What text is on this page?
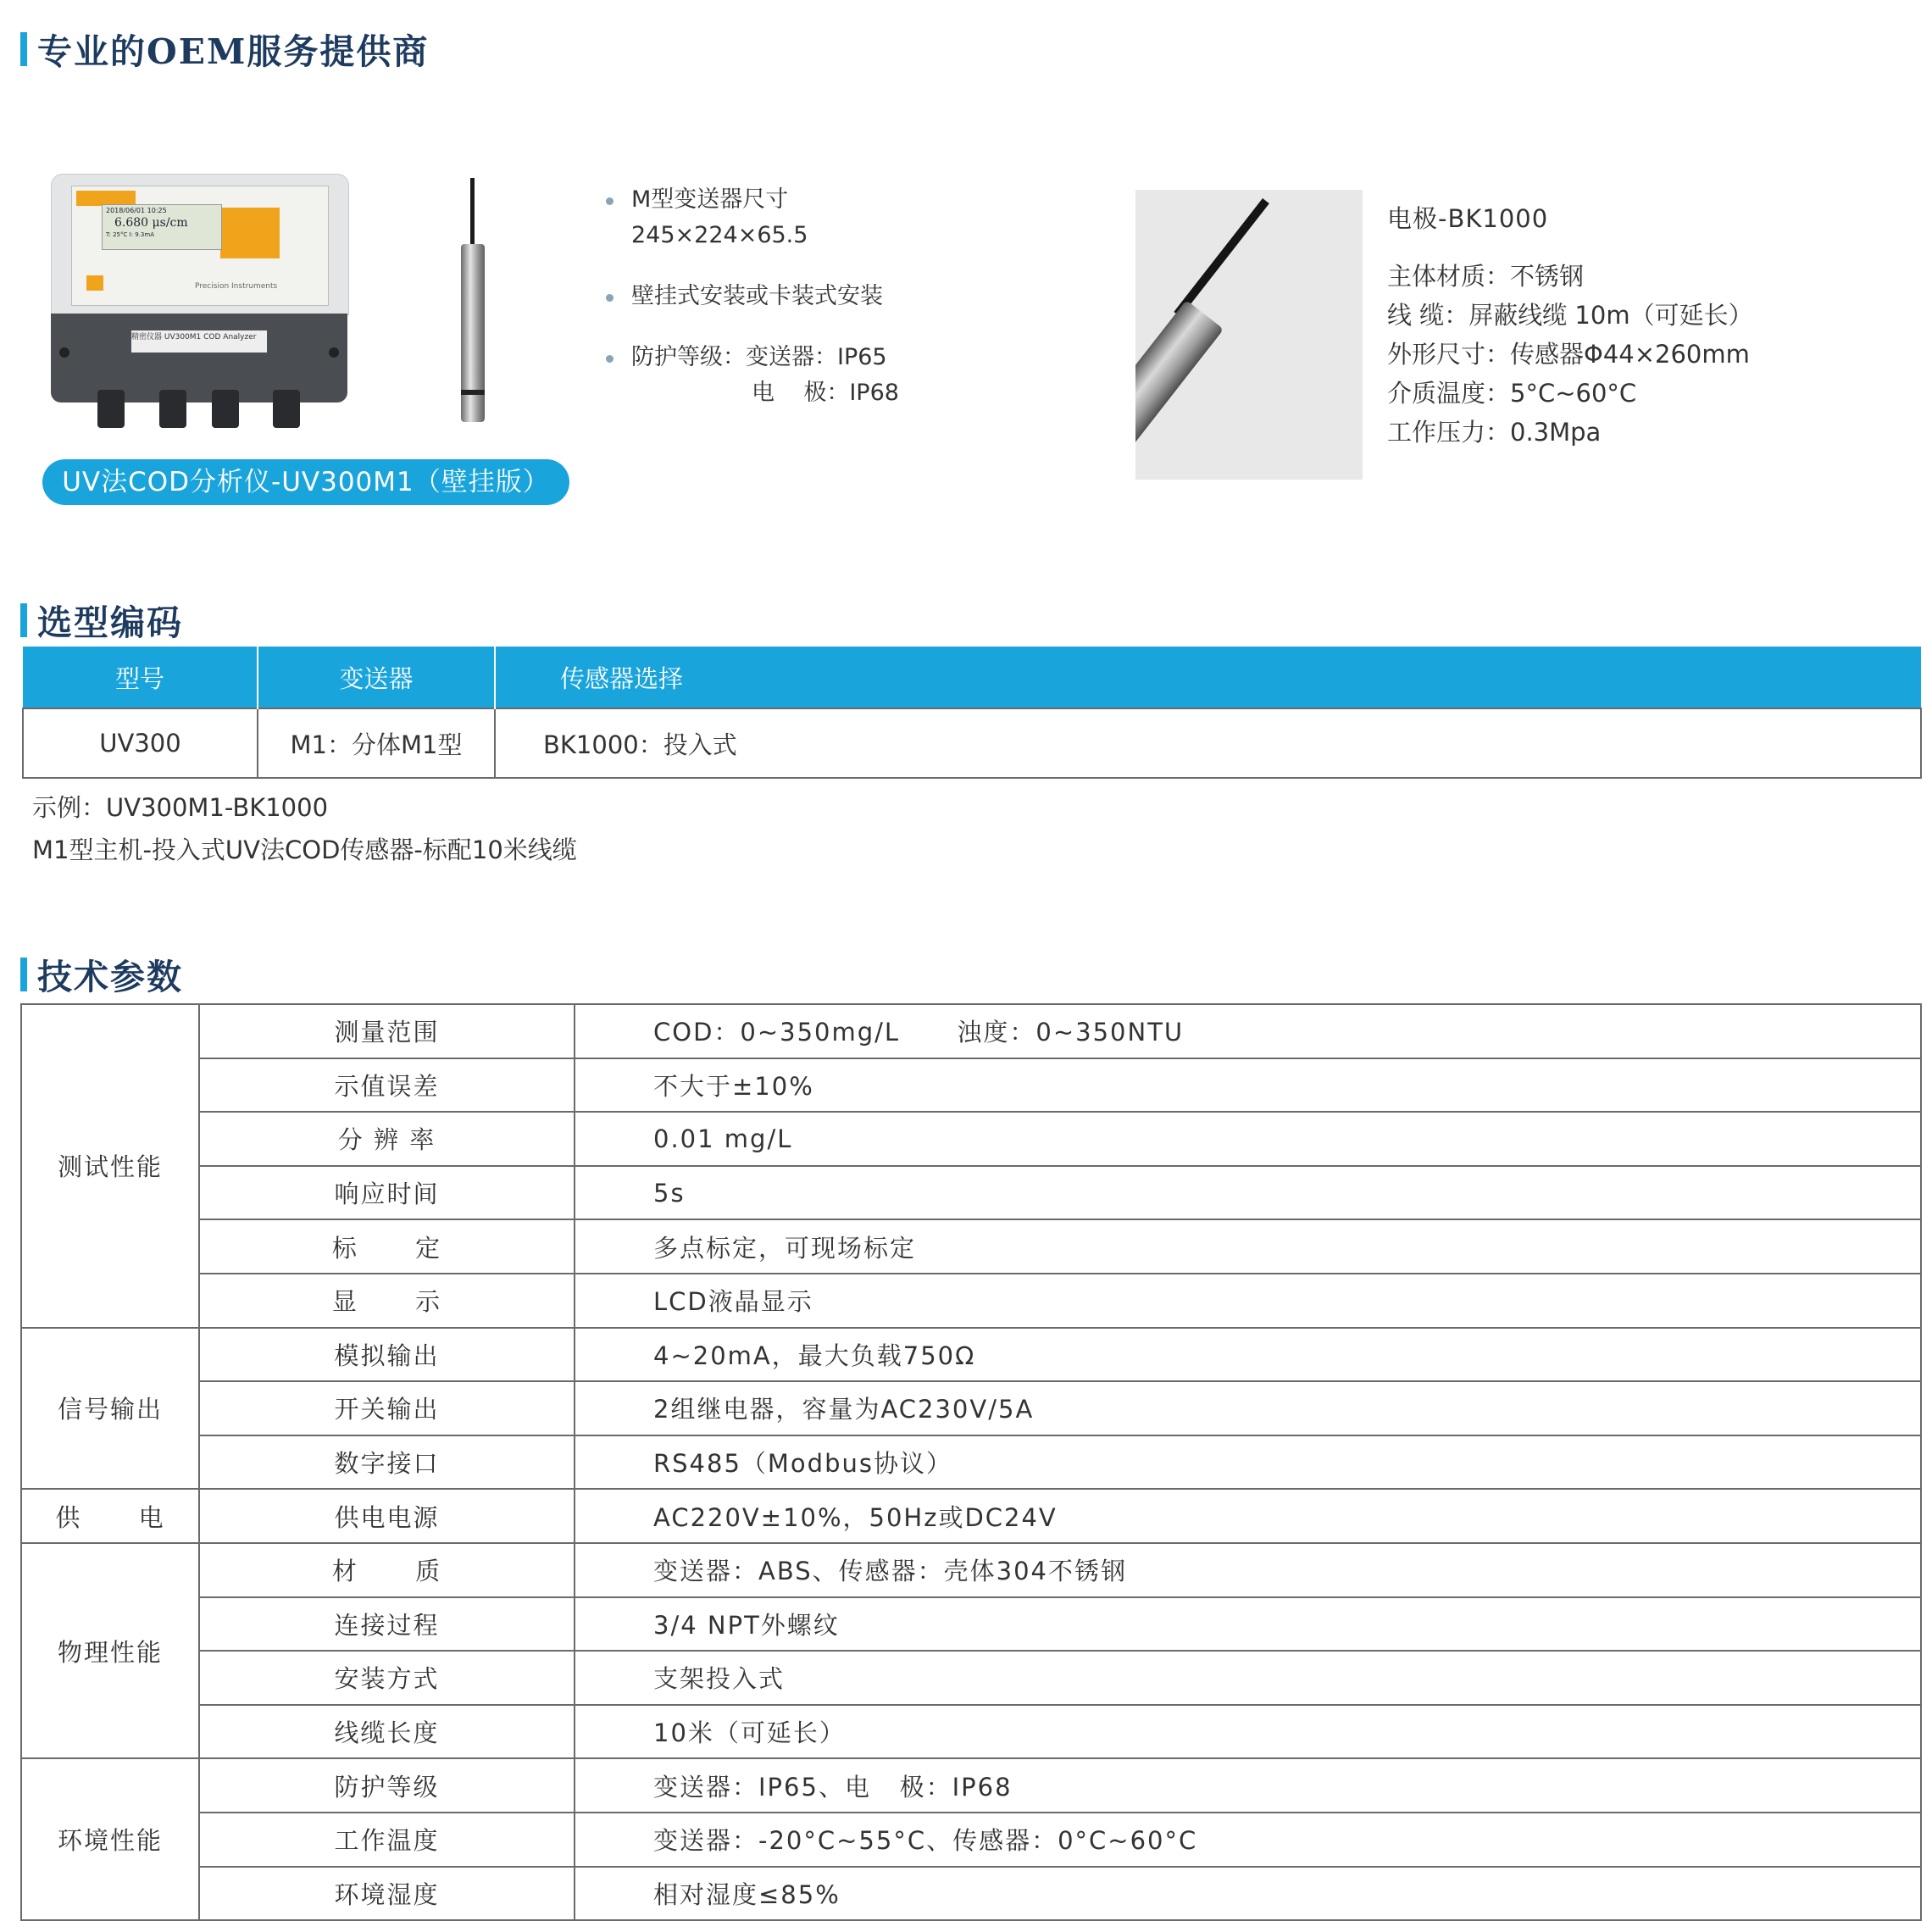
专业的OEM服务提供商
2018/06/01 10:25
6.680 μs/cm
T: 25°C I: 9.3mA
Precision Instruments
精密仪器 UV300M1 COD Analyzer
UV法COD分析仪-UV300M1（壁挂版）
M型变送器尺寸
245×224×65.5
壁挂式安装或卡装式安装
防护等级：变送器：IP65
电    极：IP68
电极-BK1000
主体材质：不锈钢
线 缆：屏蔽线缆 10m（可延长）
外形尺寸：传感器Φ44×260mm
介质温度：5°C~60°C
工作压力：0.3Mpa
选型编码
型号	变送器	传感器选择
UV300	M1：分体M1型	BK1000：投入式
示例：UV300M1-BK1000
M1型主机-投入式UV法COD传感器-标配10米线缆
技术参数
测试性能	测量范围	COD：0~350mg/L      浊度：0~350NTU
	示值误差	不大于±10%
	分 辨 率	0.01 mg/L
	响应时间	5s
	标      定	多点标定，可现场标定
	显      示	LCD液晶显示
信号输出	模拟输出	4~20mA，最大负载750Ω
	开关输出	2组继电器，容量为AC230V/5A
	数字接口	RS485（Modbus协议）
供      电	供电电源	AC220V±10%，50Hz或DC24V
物理性能	材      质	变送器：ABS、传感器：壳体304不锈钢
	连接过程	3/4 NPT外螺纹
	安装方式	支架投入式
	线缆长度	10米（可延长）
环境性能	防护等级	变送器：IP65、电   极：IP68
	工作温度	变送器：-20°C~55°C、传感器：0°C~60°C
	环境湿度	相对湿度≤85%
